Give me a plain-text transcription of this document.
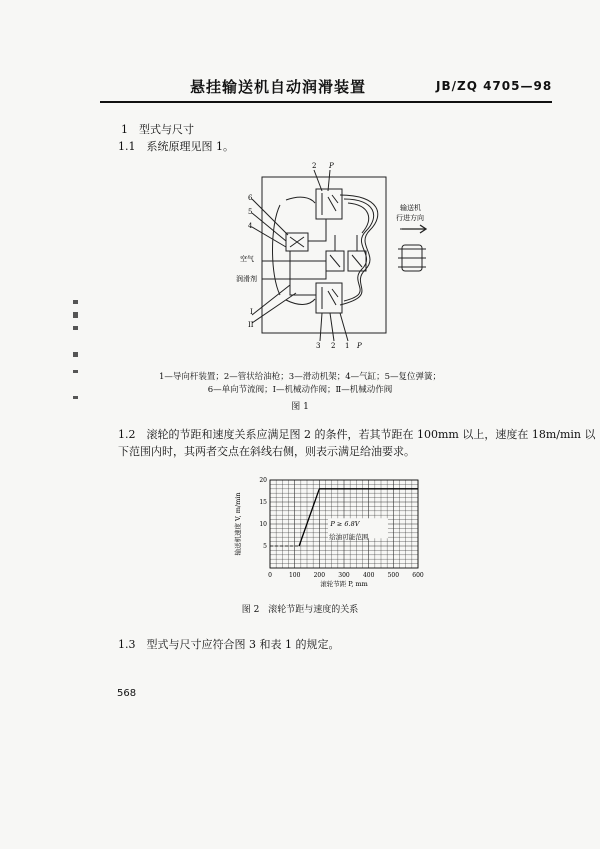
悬挂输送机自动润滑装置	JB/ZQ 4705—98
1　型式与尺寸
1.1　系统原理见图 1。
2 P
6
5
4
空气
润滑剂
I
II
3 2 1 P
输送机
行进方向
1—导向杆装置；2—管状给油枪；3—滑动机架；4—气缸；5—复位弹簧；
6—单向节流阀；Ⅰ—机械动作阀；Ⅱ—机械动作阀
图 1
1.2　滚轮的节距和速度关系应满足图 2 的条件，若其节距在 100mm 以上，速度在 18m/min 以
下范围内时，其两者交点在斜线右侧，则表示满足给油要求。
0	100 200 300 400 500 600
5
10
15
20
P ≥ 6.8V
给油可能范围
滚轮节距 P, mm
输送机速度 V, m/min
图 2　滚轮节距与速度的关系
1.3　型式与尺寸应符合图 3 和表 1 的规定。
568
